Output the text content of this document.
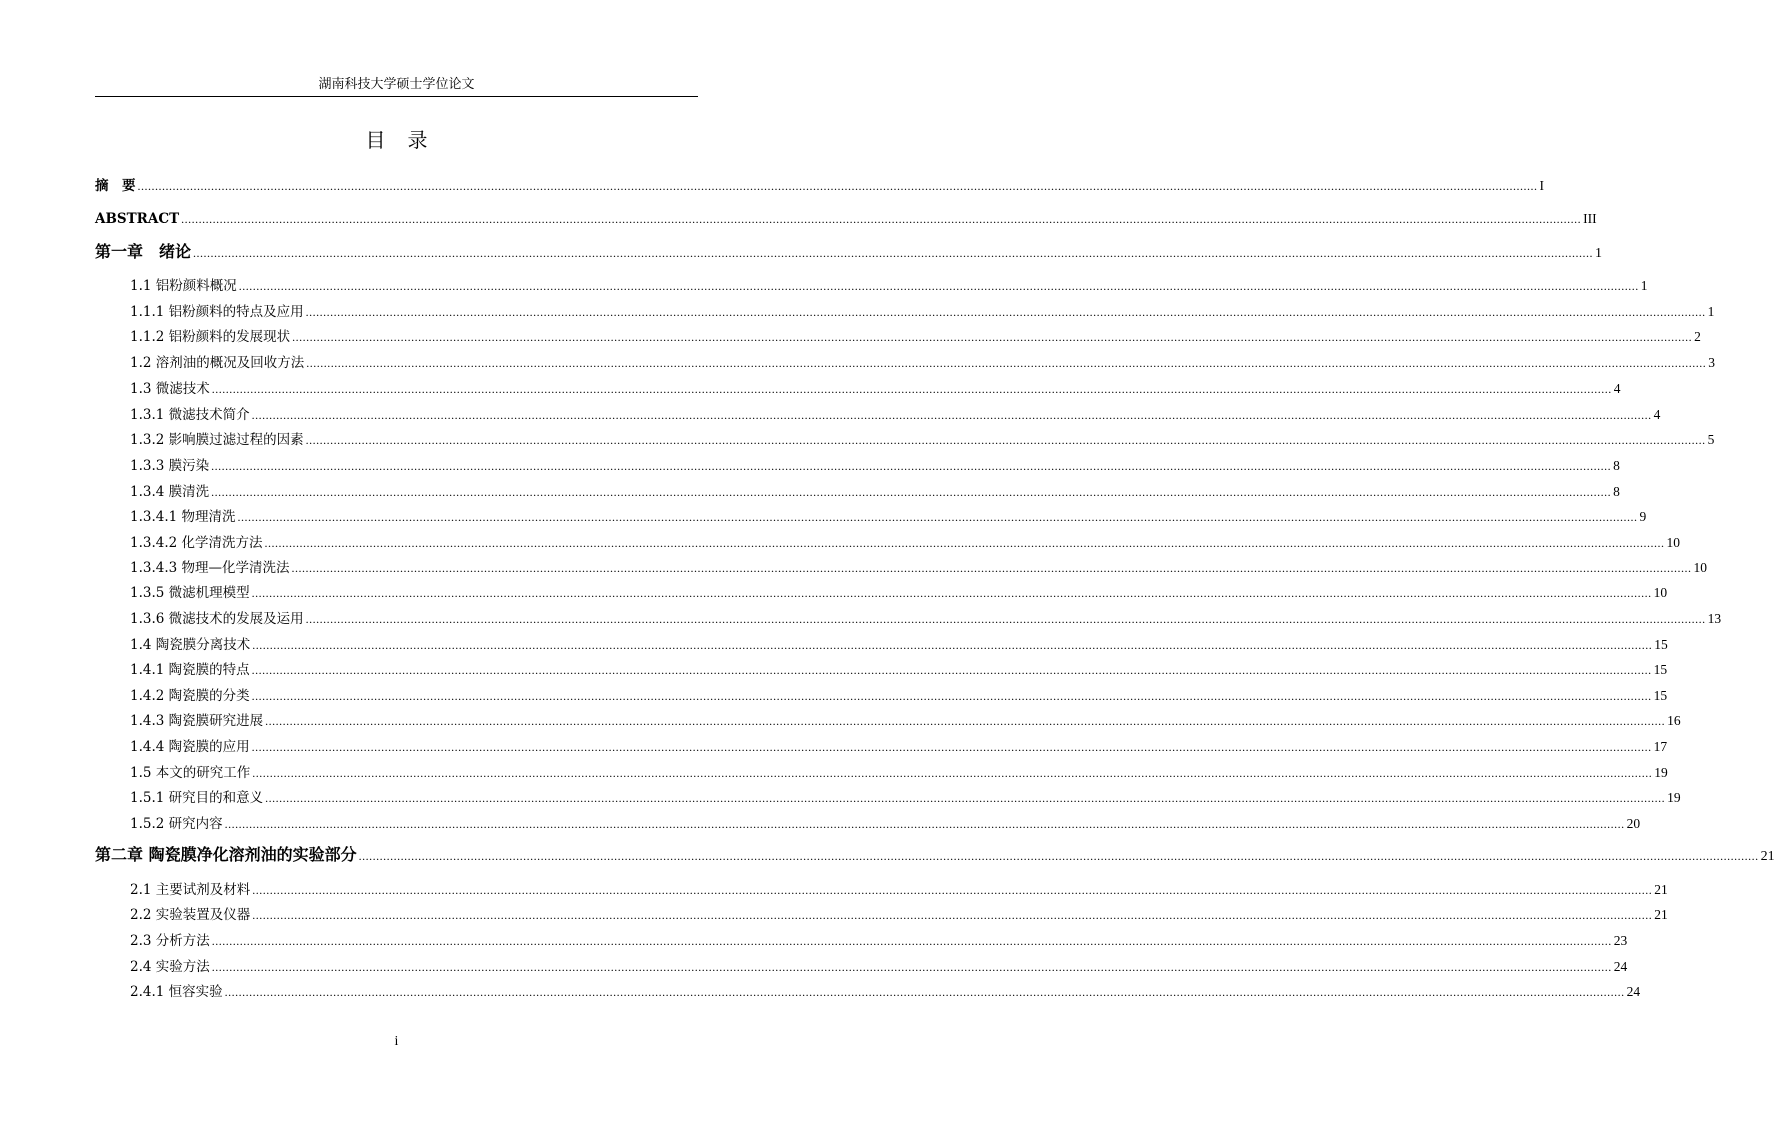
湖南科技大学硕士学位论文
目录
摘　要 ................................................................................................................................................................................................................................................................................................................................................................................................................ I
ABSTRACT ................................................................................................................................................................................................................................................................................................................................................................................................................ III
第一章　绪论 ................................................................................................................................................................................................................................................................................................................................................................................................................ 1
1.1 铝粉颜料概况 ................................................................................................................................................................................................................................................................................................................................................................................................................ 1
1.1.1 铝粉颜料的特点及应用 ................................................................................................................................................................................................................................................................................................................................................................................................................ 1
1.1.2 铝粉颜料的发展现状 ................................................................................................................................................................................................................................................................................................................................................................................................................ 2
1.2 溶剂油的概况及回收方法 ................................................................................................................................................................................................................................................................................................................................................................................................................ 3
1.3 微滤技术 ................................................................................................................................................................................................................................................................................................................................................................................................................ 4
1.3.1 微滤技术简介 ................................................................................................................................................................................................................................................................................................................................................................................................................ 4
1.3.2 影响膜过滤过程的因素 ................................................................................................................................................................................................................................................................................................................................................................................................................ 5
1.3.3 膜污染 ................................................................................................................................................................................................................................................................................................................................................................................................................ 8
1.3.4 膜清洗 ................................................................................................................................................................................................................................................................................................................................................................................................................ 8
1.3.4.1 物理清洗 ................................................................................................................................................................................................................................................................................................................................................................................................................ 9
1.3.4.2 化学清洗方法 ................................................................................................................................................................................................................................................................................................................................................................................................................ 10
1.3.4.3 物理—化学清洗法 ................................................................................................................................................................................................................................................................................................................................................................................................................ 10
1.3.5 微滤机理模型 ................................................................................................................................................................................................................................................................................................................................................................................................................ 10
1.3.6 微滤技术的发展及运用 ................................................................................................................................................................................................................................................................................................................................................................................................................ 13
1.4 陶瓷膜分离技术 ................................................................................................................................................................................................................................................................................................................................................................................................................ 15
1.4.1 陶瓷膜的特点 ................................................................................................................................................................................................................................................................................................................................................................................................................ 15
1.4.2 陶瓷膜的分类 ................................................................................................................................................................................................................................................................................................................................................................................................................ 15
1.4.3 陶瓷膜研究进展 ................................................................................................................................................................................................................................................................................................................................................................................................................ 16
1.4.4 陶瓷膜的应用 ................................................................................................................................................................................................................................................................................................................................................................................................................ 17
1.5 本文的研究工作 ................................................................................................................................................................................................................................................................................................................................................................................................................ 19
1.5.1 研究目的和意义 ................................................................................................................................................................................................................................................................................................................................................................................................................ 19
1.5.2 研究内容 ................................................................................................................................................................................................................................................................................................................................................................................................................ 20
第二章 陶瓷膜净化溶剂油的实验部分 ................................................................................................................................................................................................................................................................................................................................................................................................................ 21
2.1 主要试剂及材料 ................................................................................................................................................................................................................................................................................................................................................................................................................ 21
2.2 实验装置及仪器 ................................................................................................................................................................................................................................................................................................................................................................................................................ 21
2.3 分析方法 ................................................................................................................................................................................................................................................................................................................................................................................................................ 23
2.4 实验方法 ................................................................................................................................................................................................................................................................................................................................................................................................................ 24
2.4.1 恒容实验 ................................................................................................................................................................................................................................................................................................................................................................................................................ 24
i
